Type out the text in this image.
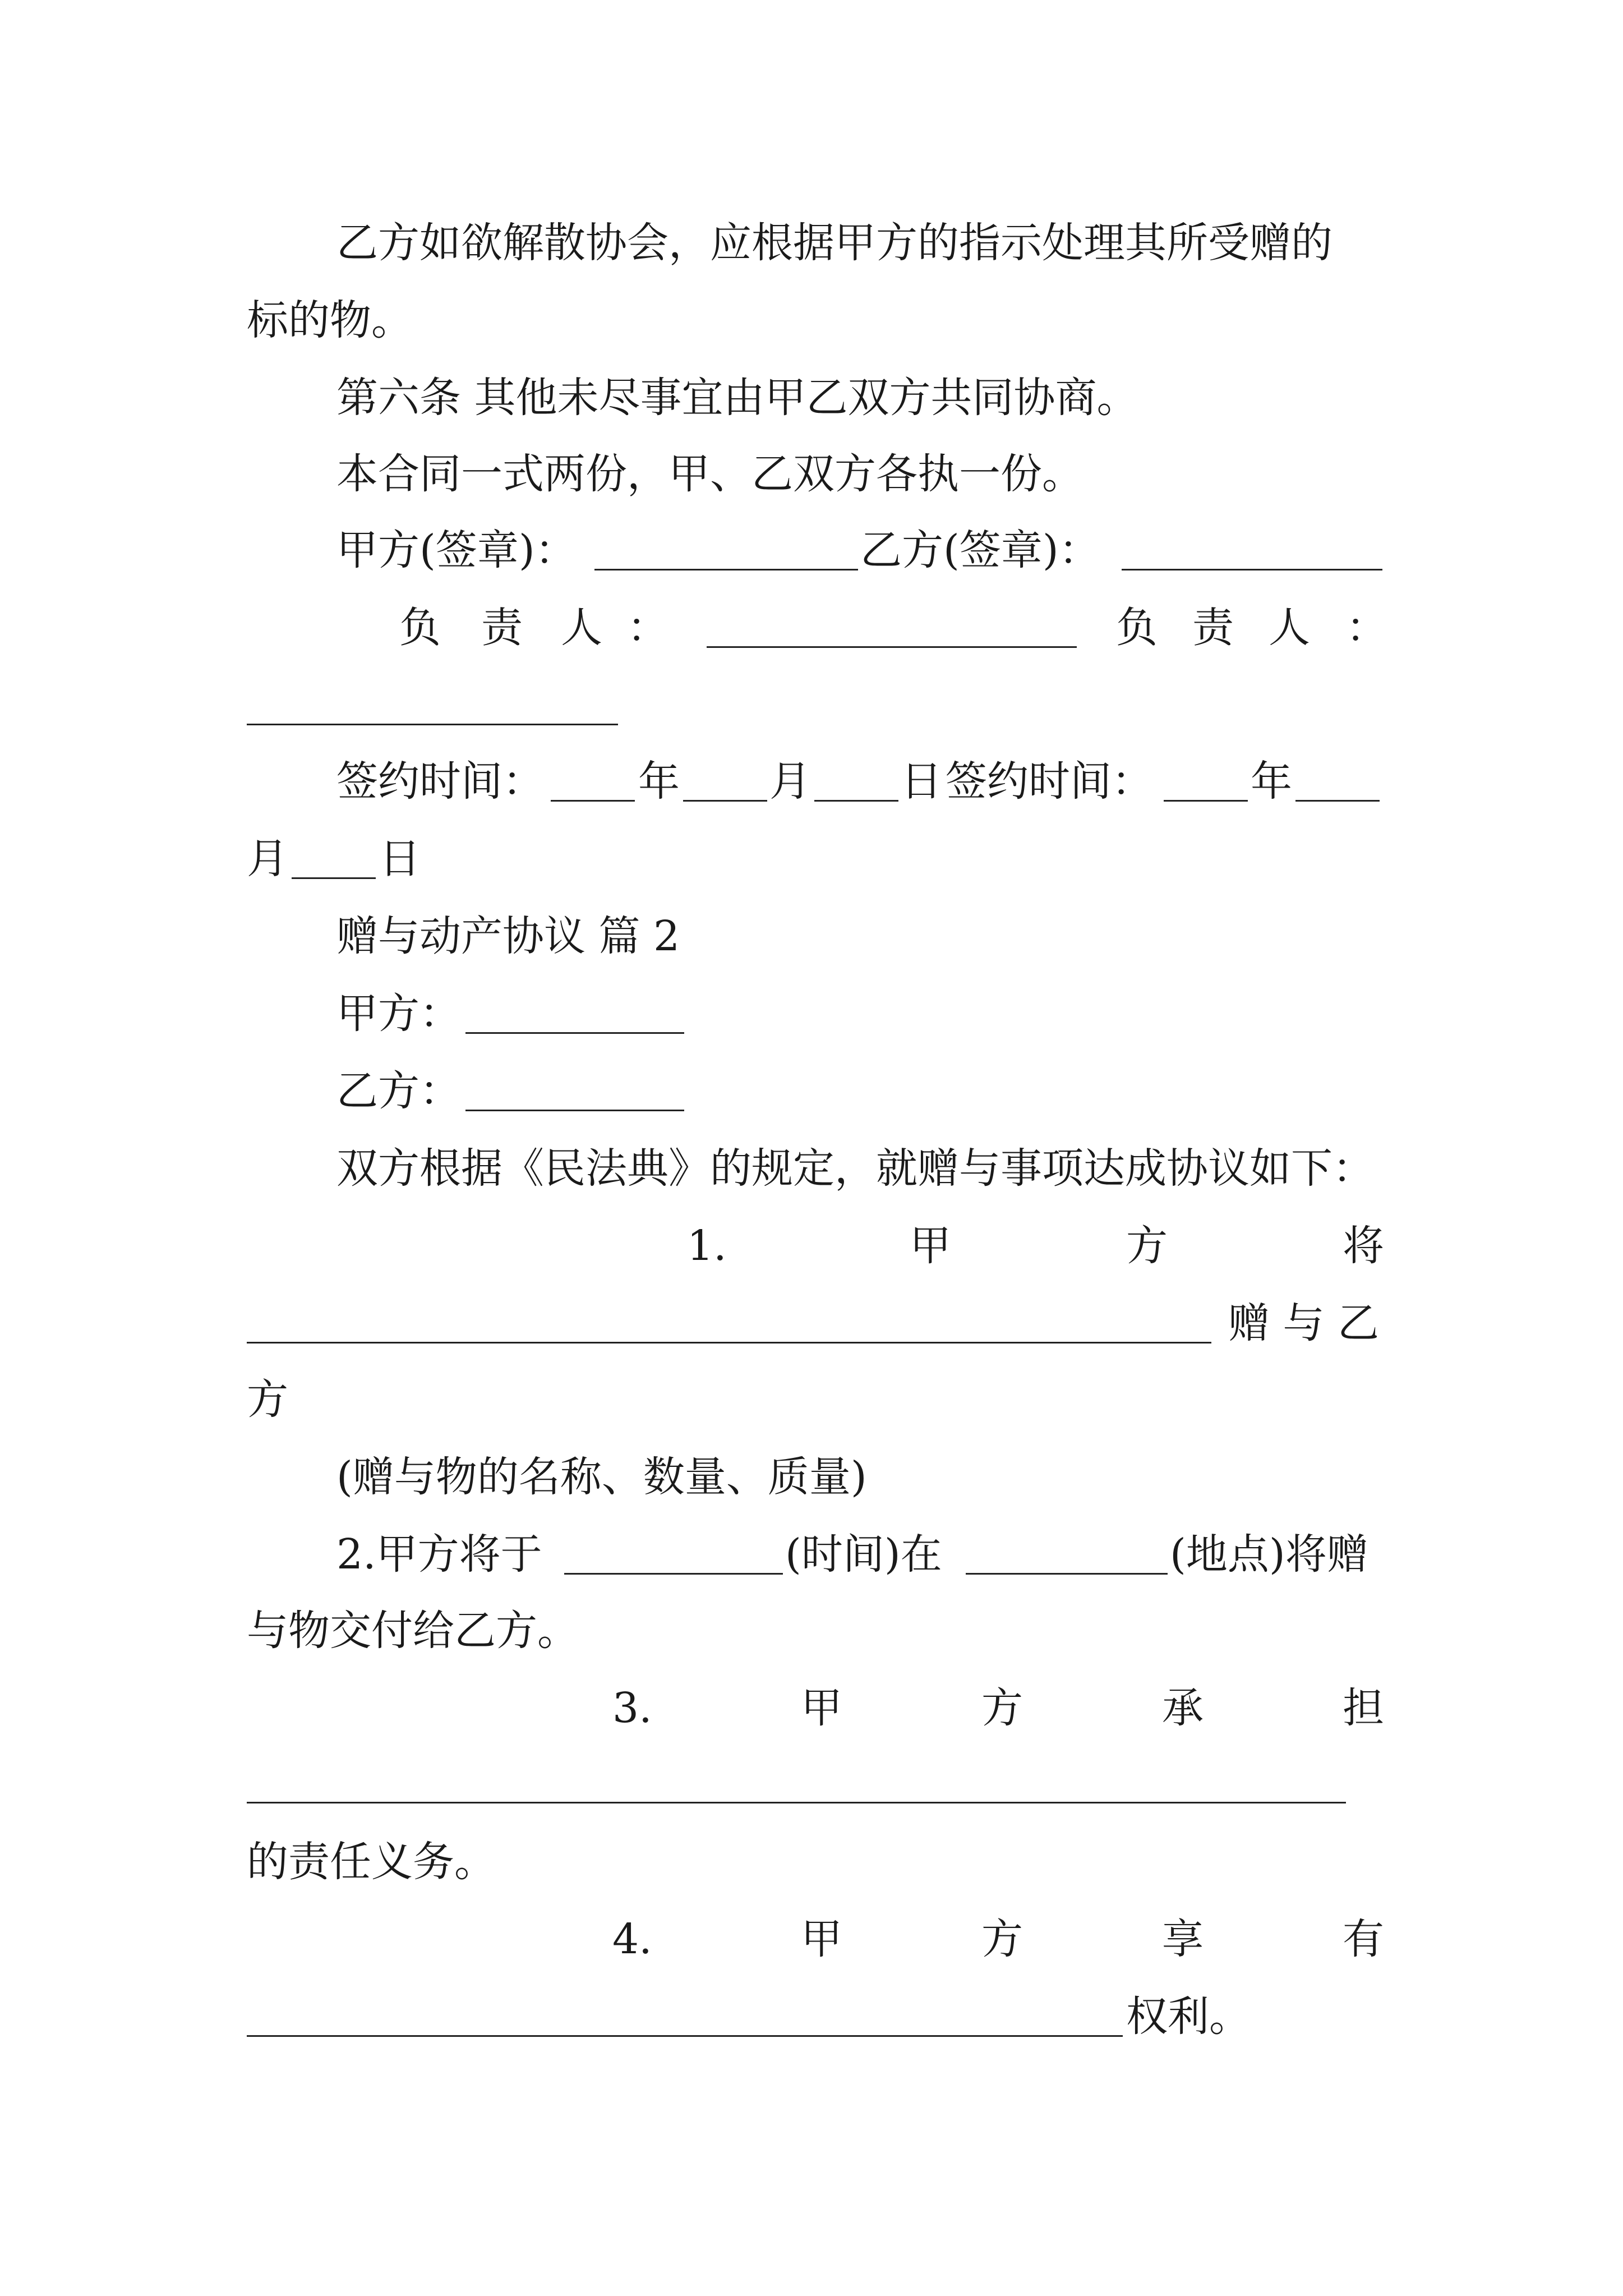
乙方如欲解散协会，应根据甲方的指示处理其所受赠的
标的物。
第六条 其他未尽事宜由甲乙双方共同协商。
本合同一式两份，甲、乙双方各执一份。
甲方(签章)：	乙方(签章)：
负 责 人 ：	负 责 人 ：
签约时间： 年 月 日 签约时间： 年
月 日
赠与动产协议 篇 2
甲方：
乙方：
双方根据《民法典》的规定，就赠与事项达成协议如下：
1.	甲	方	将
赠 与 乙
方
(赠与物的名称、数量、质量)
2.甲方将于	(时间)在	(地点)将赠
与物交付给乙方。
3.	甲	方	承	担
的责任义务。
4.	甲	方	享	有
权利。
